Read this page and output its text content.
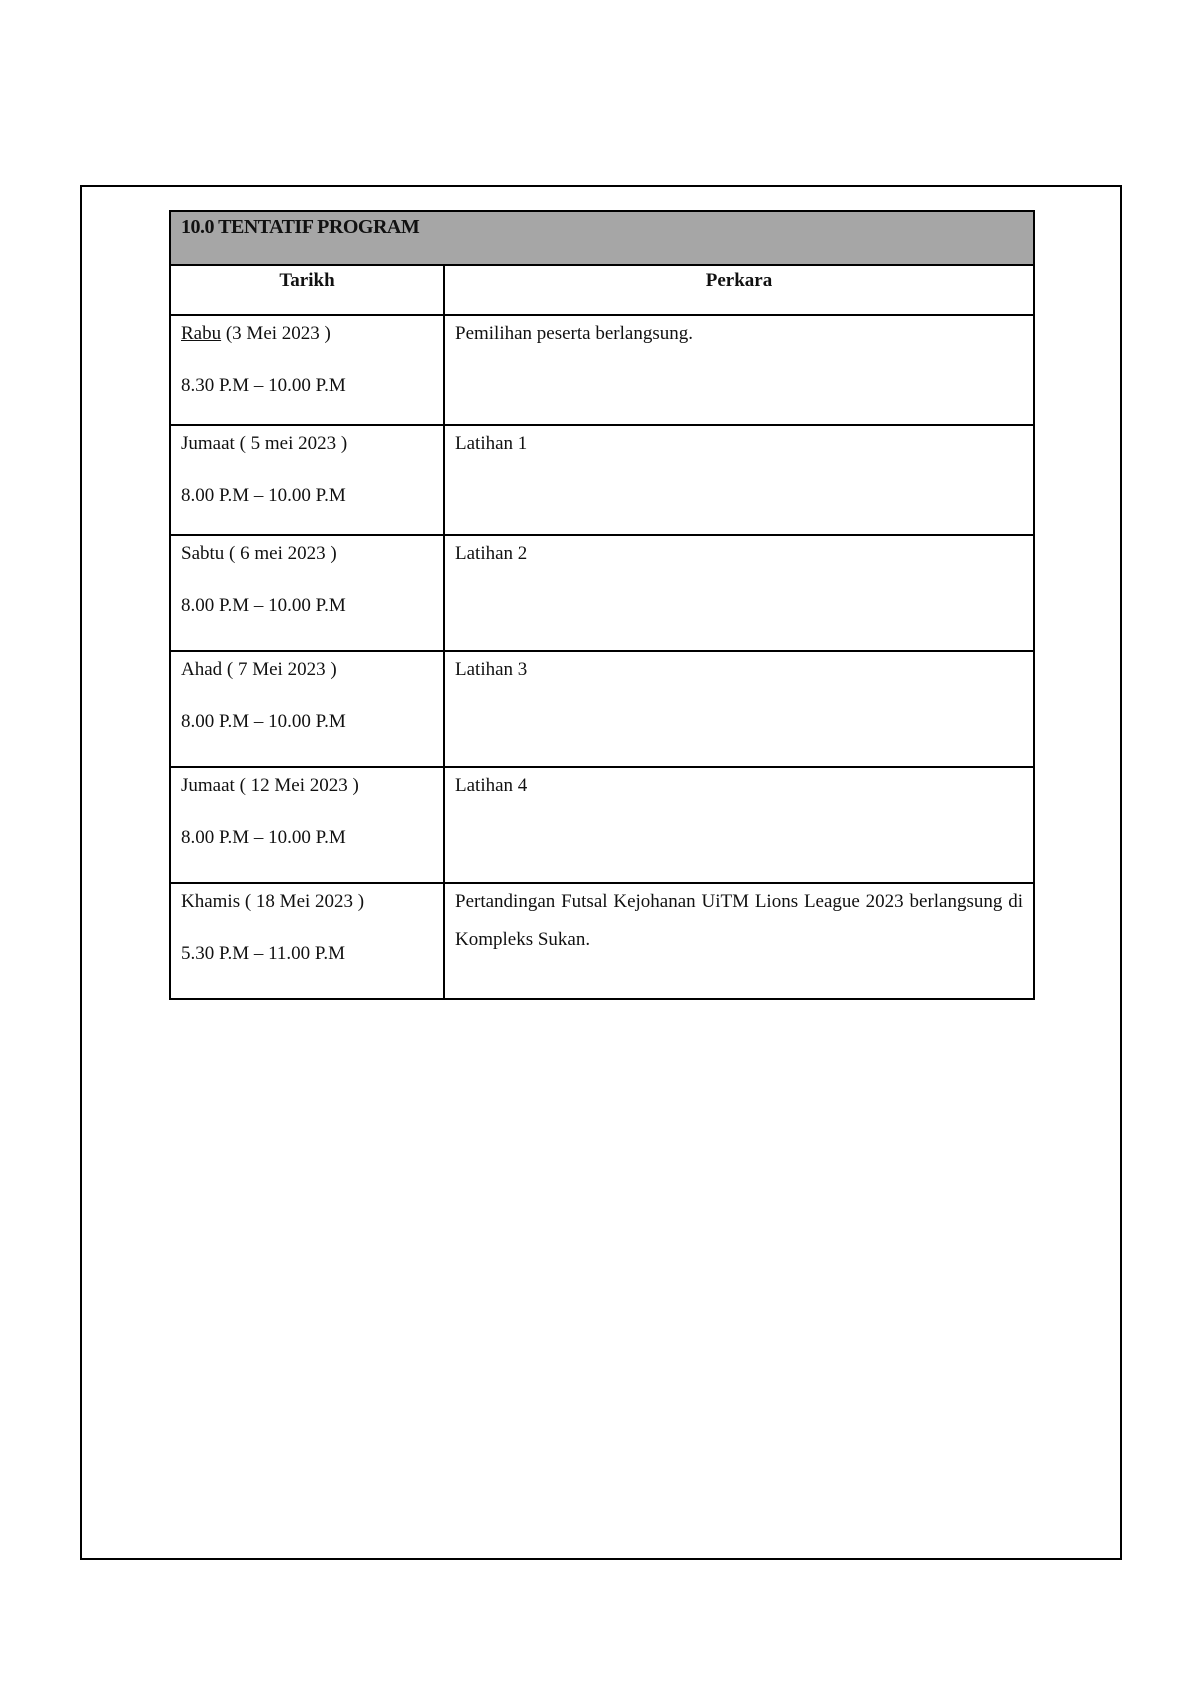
10.0 TENTATIF PROGRAM	
Tarikh	Perkara

Rabu (3 Mei 2023 )
8.30 P.M – 10.00 P.M	Pemilihan peserta berlangsung.

Jumaat ( 5 mei 2023 )
8.00 P.M – 10.00 P.M	Latihan 1

Sabtu ( 6 mei 2023 )
8.00 P.M – 10.00 P.M	Latihan 2

Ahad ( 7 Mei 2023 )
8.00 P.M – 10.00 P.M	Latihan 3

Jumaat ( 12 Mei 2023 )
8.00 P.M – 10.00 P.M	Latihan 4

Khamis ( 18 Mei 2023 )
5.30 P.M – 11.00 P.M	Pertandingan Futsal Kejohanan UiTM Lions League 2023 berlangsung di Kompleks Sukan.
